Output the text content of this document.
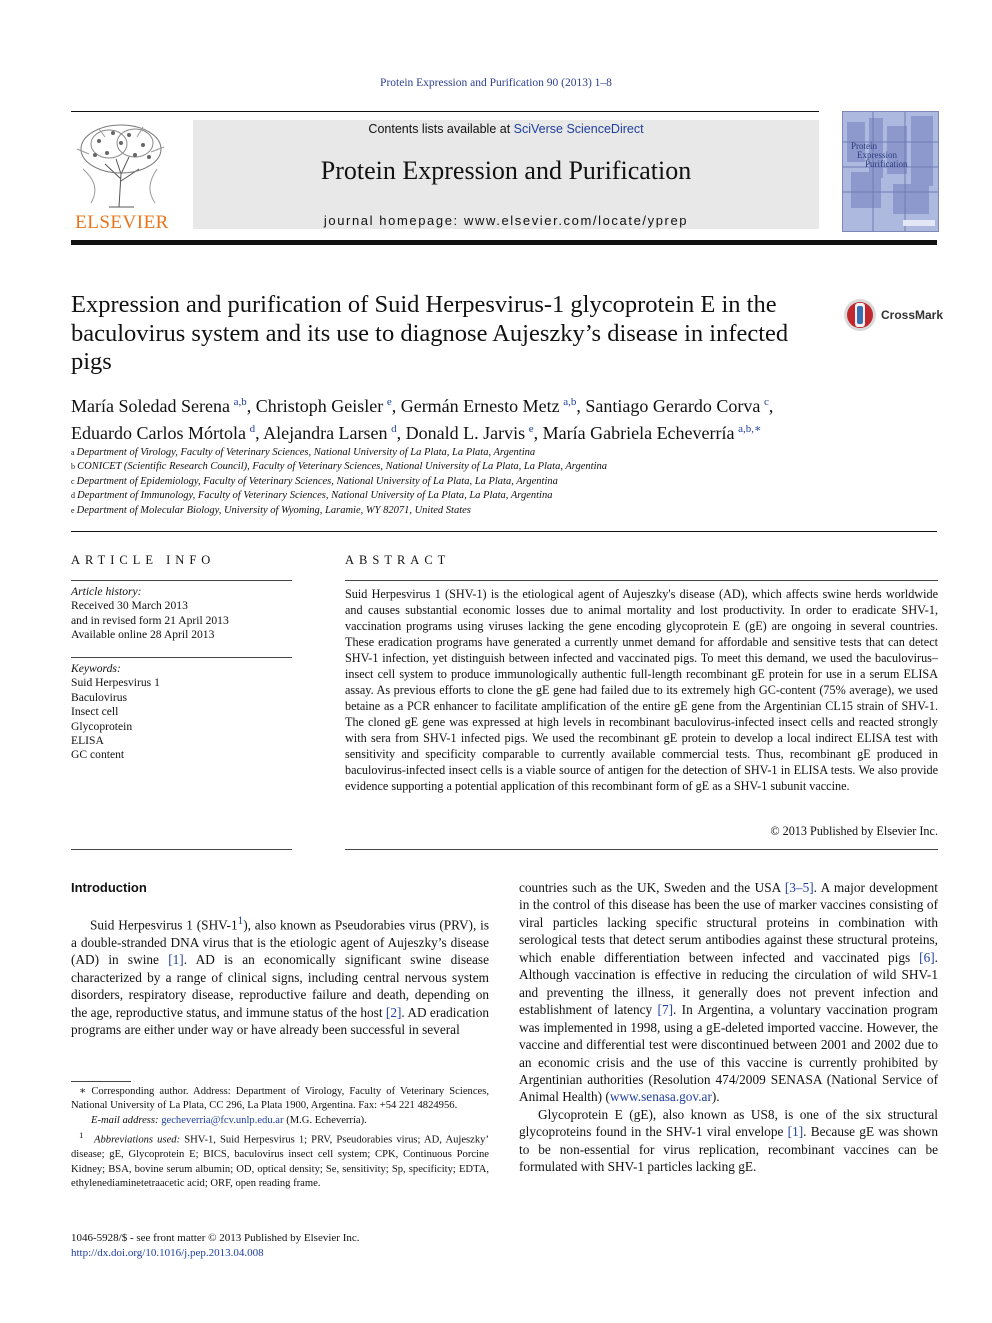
Protein Expression and Purification 90 (2013) 1–8
ELSEVIER
Contents lists available at SciVerse ScienceDirect
Protein Expression and Purification
journal homepage: www.elsevier.com/locate/yprep
Protein
Expression
Purification
Expression and purification of Suid Herpesvirus-1 glycoprotein E in the baculovirus system and its use to diagnose Aujeszky’s disease in infected pigs
CrossMark
María Soledad Serena  $^{a,b}$, Christoph Geisler  $^e$, Germán Ernesto Metz  $^{a,b}$, Santiago Gerardo Corva  $^c$,
Eduardo Carlos Mórtola  $^d$, Alejandra Larsen  $^d$, Donald L. Jarvis  $^e$, María Gabriela Echeverría  $^{a,b,∗}$
$^a$  Department of Virology, Faculty of Veterinary Sciences, National University of La Plata, La Plata, Argentina
$^b$  CONICET (Scientific Research Council), Faculty of Veterinary Sciences, National University of La Plata, La Plata, Argentina
$^c$  Department of Epidemiology, Faculty of Veterinary Sciences, National University of La Plata, La Plata, Argentina
$^d$  Department of Immunology, Faculty of Veterinary Sciences, National University of La Plata, La Plata, Argentina
$^e$  Department of Molecular Biology, University of Wyoming, Laramie, WY 82071, United States
ARTICLE INFO
Article history:
Received 30 March 2013
and in revised form 21 April 2013
Available online 28 April 2013
Keywords:
Suid Herpesvirus 1
Baculovirus
Insect cell
Glycoprotein
ELISA
GC content
ABSTRACT
Suid Herpesvirus 1 (SHV-1) is the etiological agent of Aujeszky's disease (AD), which affects swine herds worldwide and causes substantial economic losses due to animal mortality and lost productivity. In order to eradicate SHV-1, vaccination programs using viruses lacking the gene encoding glycoprotein E (gE) are ongoing in several countries. These eradication programs have generated a currently unmet demand for affordable and sensitive tests that can detect SHV-1 infection, yet distinguish between infected and vaccinated pigs. To meet this demand, we used the baculovirus–insect cell system to produce immunologically authentic full-length recombinant gE protein for use in a serum ELISA assay. As previous efforts to clone the gE gene had failed due to its extremely high GC-content (75% average), we used betaine as a PCR enhancer to facilitate amplification of the entire gE gene from the Argentinian CL15 strain of SHV-1. The cloned gE gene was expressed at high levels in recombinant baculovirus-infected insect cells and reacted strongly with sera from SHV-1 infected pigs. We used the recombinant gE protein to develop a local indirect ELISA test with sensitivity and specificity comparable to currently available commercial tests. Thus, recombinant gE produced in baculovirus-infected insect cells is a viable source of antigen for the detection of SHV-1 in ELISA tests. We also provide evidence supporting a potential application of this recombinant form of gE as a SHV-1 subunit vaccine.
© 2013 Published by Elsevier Inc.
Introduction

Suid Herpesvirus 1 $(SHV-1^1)$, also known as Pseudorabies virus (PRV), is a double-stranded DNA virus that is the etiologic agent of Aujeszky’s disease (AD) in swine [1]. AD is an economically significant swine disease characterized by a range of clinical signs, including central nervous system disorders, respiratory disease, reproductive failure and death, depending on the age, reproductive status, and immune status of the host [2]. AD eradication programs are either under way or have already been successful in several

∗ Corresponding author. Address: Department of Virology, Faculty of Veterinary Sciences, National University of La Plata, CC 296, La Plata 1900, Argentina. Fax: +54 221 4824956.

E-mail address: gecheverria@fcv.unlp.edu.ar (M.G. Echeverría).

$^1$  Abbreviations used: SHV-1, Suid Herpesvirus 1; PRV, Pseudorabies virus; AD, Aujeszky’ disease; gE, Glycoprotein E; BICS, baculovirus insect cell system; CPK, Continuous Porcine Kidney; BSA, bovine serum albumin; OD, optical density; Se, sensitivity; Sp, specificity; EDTA, ethylenediaminetetraacetic acid; ORF, open reading frame.

1046-5928/$ - see front matter © 2013 Published by Elsevier Inc.
http://dx.doi.org/10.1016/j.pep.2013.04.008

countries such as the UK, Sweden and the USA [3–5]. A major development in the control of this disease has been the use of marker vaccines consisting of viral particles lacking specific structural proteins in combination with serological tests that detect serum antibodies against these structural proteins, which enable differentiation between infected and vaccinated pigs [6]. Although vaccination is effective in reducing the circulation of wild SHV-1 and preventing the illness, it generally does not prevent infection and establishment of latency [7]. In Argentina, a voluntary vaccination program was implemented in 1998, using a gE-deleted imported vaccine. However, the vaccine and differential test were discontinued between 2001 and 2002 due to an economic crisis and the use of this vaccine is currently prohibited by Argentinian authorities (Resolution 474/2009 SENASA (National Service of Animal Health) (www.senasa.gov.ar).

Glycoprotein E (gE), also known as US8, is one of the six structural glycoproteins found in the SHV-1 viral envelope [1]. Because gE was shown to be non-essential for virus replication, recombinant vaccines can be formulated with SHV-1 particles lacking gE.
